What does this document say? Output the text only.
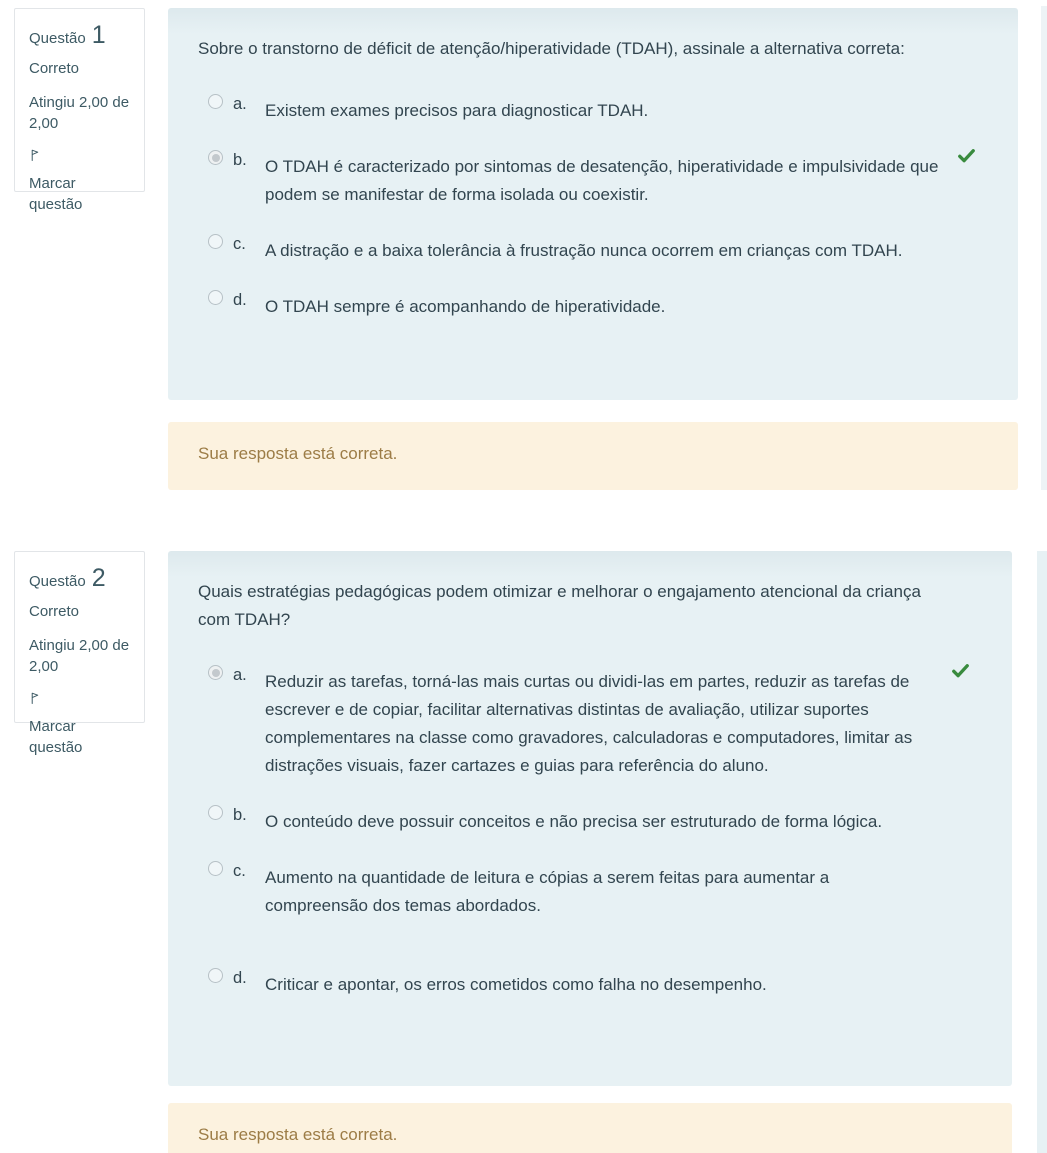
Questão 1
Correto
Atingiu 2,00 de 2,00
Marcar questão
Sobre o transtorno de déficit de atenção/hiperatividade (TDAH), assinale a alternativa correta:
a.	Existem exames precisos para diagnosticar TDAH.
b.	O TDAH é caracterizado por sintomas de desatenção, hiperatividade e impulsividade que podem se manifestar de forma isolada ou coexistir.
c.	A distração e a baixa tolerância à frustração nunca ocorrem em crianças com TDAH.
d.	O TDAH sempre é acompanhando de hiperatividade.
Sua resposta está correta.
Questão 2
Correto
Atingiu 2,00 de 2,00
Marcar questão
Quais estratégias pedagógicas podem otimizar e melhorar o engajamento atencional da criança com TDAH?
a.	Reduzir as tarefas, torná-las mais curtas ou dividi-las em partes, reduzir as tarefas de escrever e de copiar, facilitar alternativas distintas de avaliação, utilizar suportes complementares na classe como gravadores, calculadoras e computadores, limitar as distrações visuais, fazer cartazes e guias para referência do aluno.
b.	O conteúdo deve possuir conceitos e não precisa ser estruturado de forma lógica.
c.	Aumento na quantidade de leitura e cópias a serem feitas para aumentar a compreensão dos temas abordados.
d.	Criticar e apontar, os erros cometidos como falha no desempenho.
Sua resposta está correta.
